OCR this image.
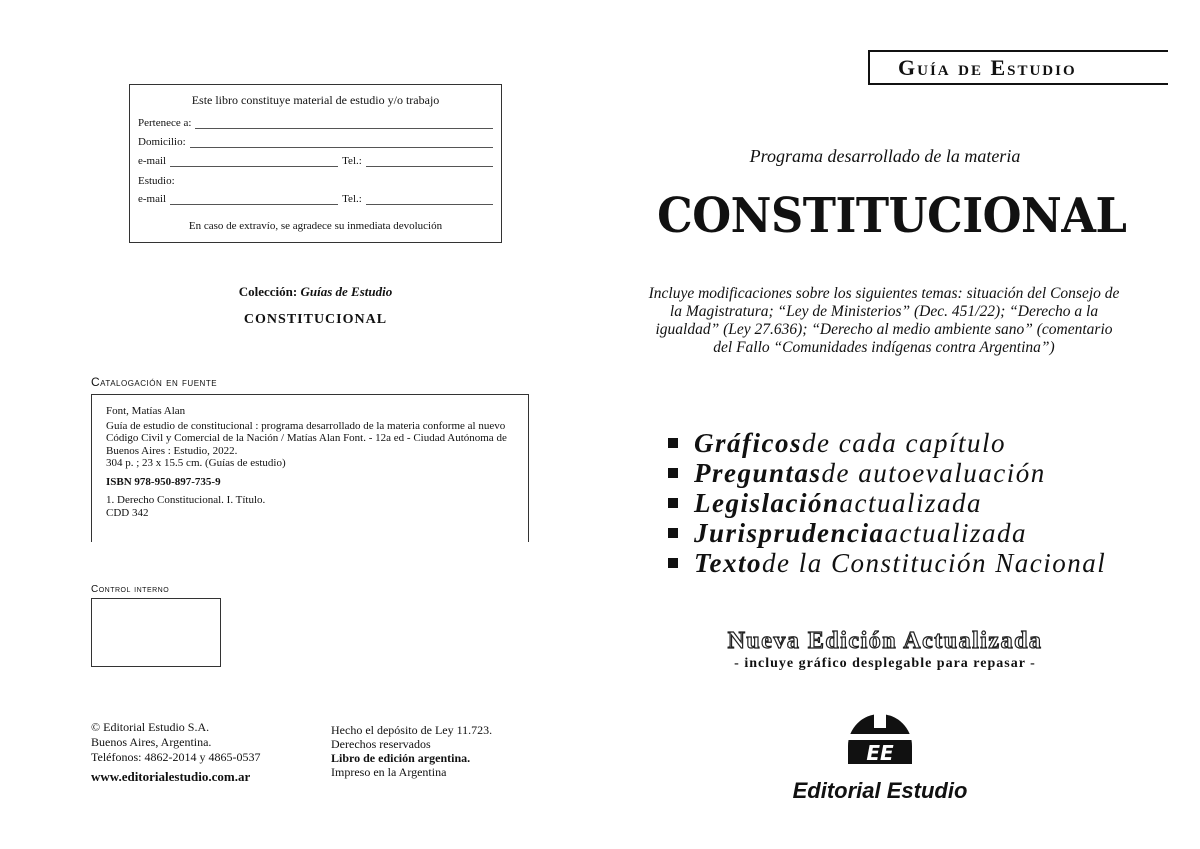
Este libro constituye material de estudio y/o trabajo
Pertenece a:
Domicilio:
e-mail	Tel.:
Estudio:
e-mail	Tel.:
En caso de extravío, se agradece su inmediata devolución
Colección: Guías de Estudio
CONSTITUCIONAL
Catalogación en fuente

Font, Matías Alan

Guía de estudio de constitucional : programa desarrollado de la materia conforme al nuevo Código Civil y Comercial de la Nación / Matías Alan Font. - 12a ed - Ciudad Autónoma de Buenos Aires : Estudio, 2022.

304 p. ; 23 x 15.5 cm. (Guías de estudio)

ISBN 978-950-897-735-9

1. Derecho Constitucional. I. Título.

CDD 342

Control interno
© Editorial Estudio S.A.
Buenos Aires, Argentina.
Teléfonos: 4862-2014 y 4865-0537
www.editorialestudio.com.ar
Hecho el depósito de Ley 11.723.
Derechos reservados
Libro de edición argentina.
Impreso en la Argentina
Guía de Estudio
Programa desarrollado de la materia
CONSTITUCIONAL
Incluye modificaciones sobre los siguientes temas: situación del Consejo de la Magistratura; “Ley de Ministerios” (Dec. 451/22); “Derecho a la igualdad” (Ley 27.636); “Derecho al medio ambiente sano” (comentario del Fallo “Comunidades indígenas contra Argentina”)
Gráficos de cada capítulo
Preguntas de autoevaluación
Legislación actualizada
Jurisprudencia actualizada
Texto de la Constitución Nacional
Nueva Edición Actualizada
- incluye gráfico desplegable para repasar -
EE
Editorial Estudio
